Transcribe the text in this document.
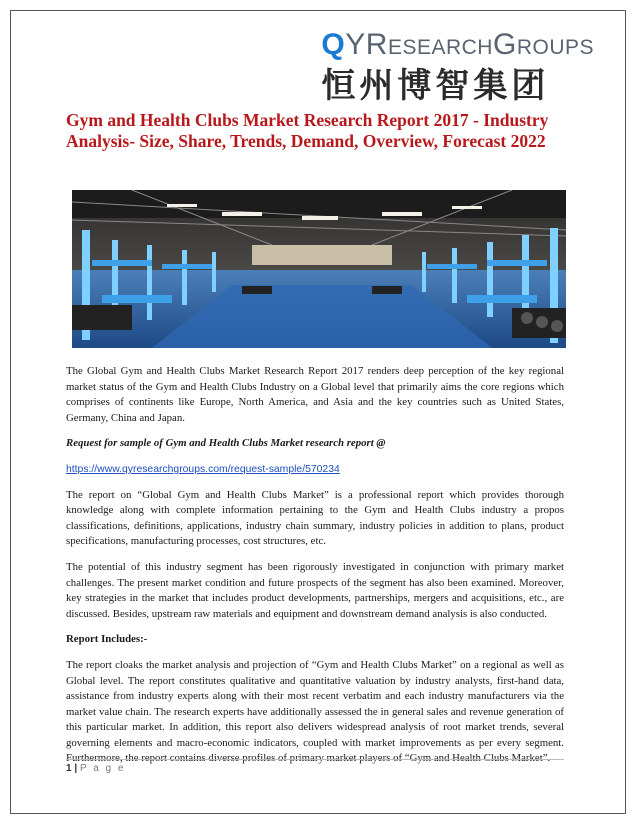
QYRESEARCHGROUPS
恒州博智集团
Gym and Health Clubs Market Research Report 2017 - Industry Analysis- Size, Share, Trends, Demand, Overview, Forecast 2022

The Global Gym and Health Clubs Market Research Report 2017 renders deep perception of the key regional market status of the Gym and Health Clubs Industry on a Global level that primarily aims the core regions which comprises of continents like Europe, North America, and Asia and the key countries such as United States, Germany, China and Japan.

Request for sample of Gym and Health Clubs Market research report @

https://www.qyresearchgroups.com/request-sample/570234

The report on “Global Gym and Health Clubs Market” is a professional report which provides thorough knowledge along with complete information pertaining to the Gym and Health Clubs industry a propos classifications, definitions, applications, industry chain summary, industry policies in addition to plans, product specifications, manufacturing processes, cost structures, etc.

The potential of this industry segment has been rigorously investigated in conjunction with primary market challenges. The present market condition and future prospects of the segment has also been examined. Moreover, key strategies in the market that includes product developments, partnerships, mergers and acquisitions, etc., are discussed. Besides, upstream raw materials and equipment and downstream demand analysis is also conducted.

Report Includes:-

The report cloaks the market analysis and projection of “Gym and Health Clubs Market” on a regional as well as Global level. The report constitutes qualitative and quantitative valuation by industry analysts, first-hand data, assistance from industry experts along with their most recent verbatim and each industry manufacturers via the market value chain. The research experts have additionally assessed the in general sales and revenue generation of this particular market. In addition, this report also delivers widespread analysis of root market trends, several governing elements and macro-economic indicators, coupled with market improvements as per every segment. Furthermore, the report contains diverse profiles of primary market players of “Gym and Health Clubs Market”.

1 | P a g e
